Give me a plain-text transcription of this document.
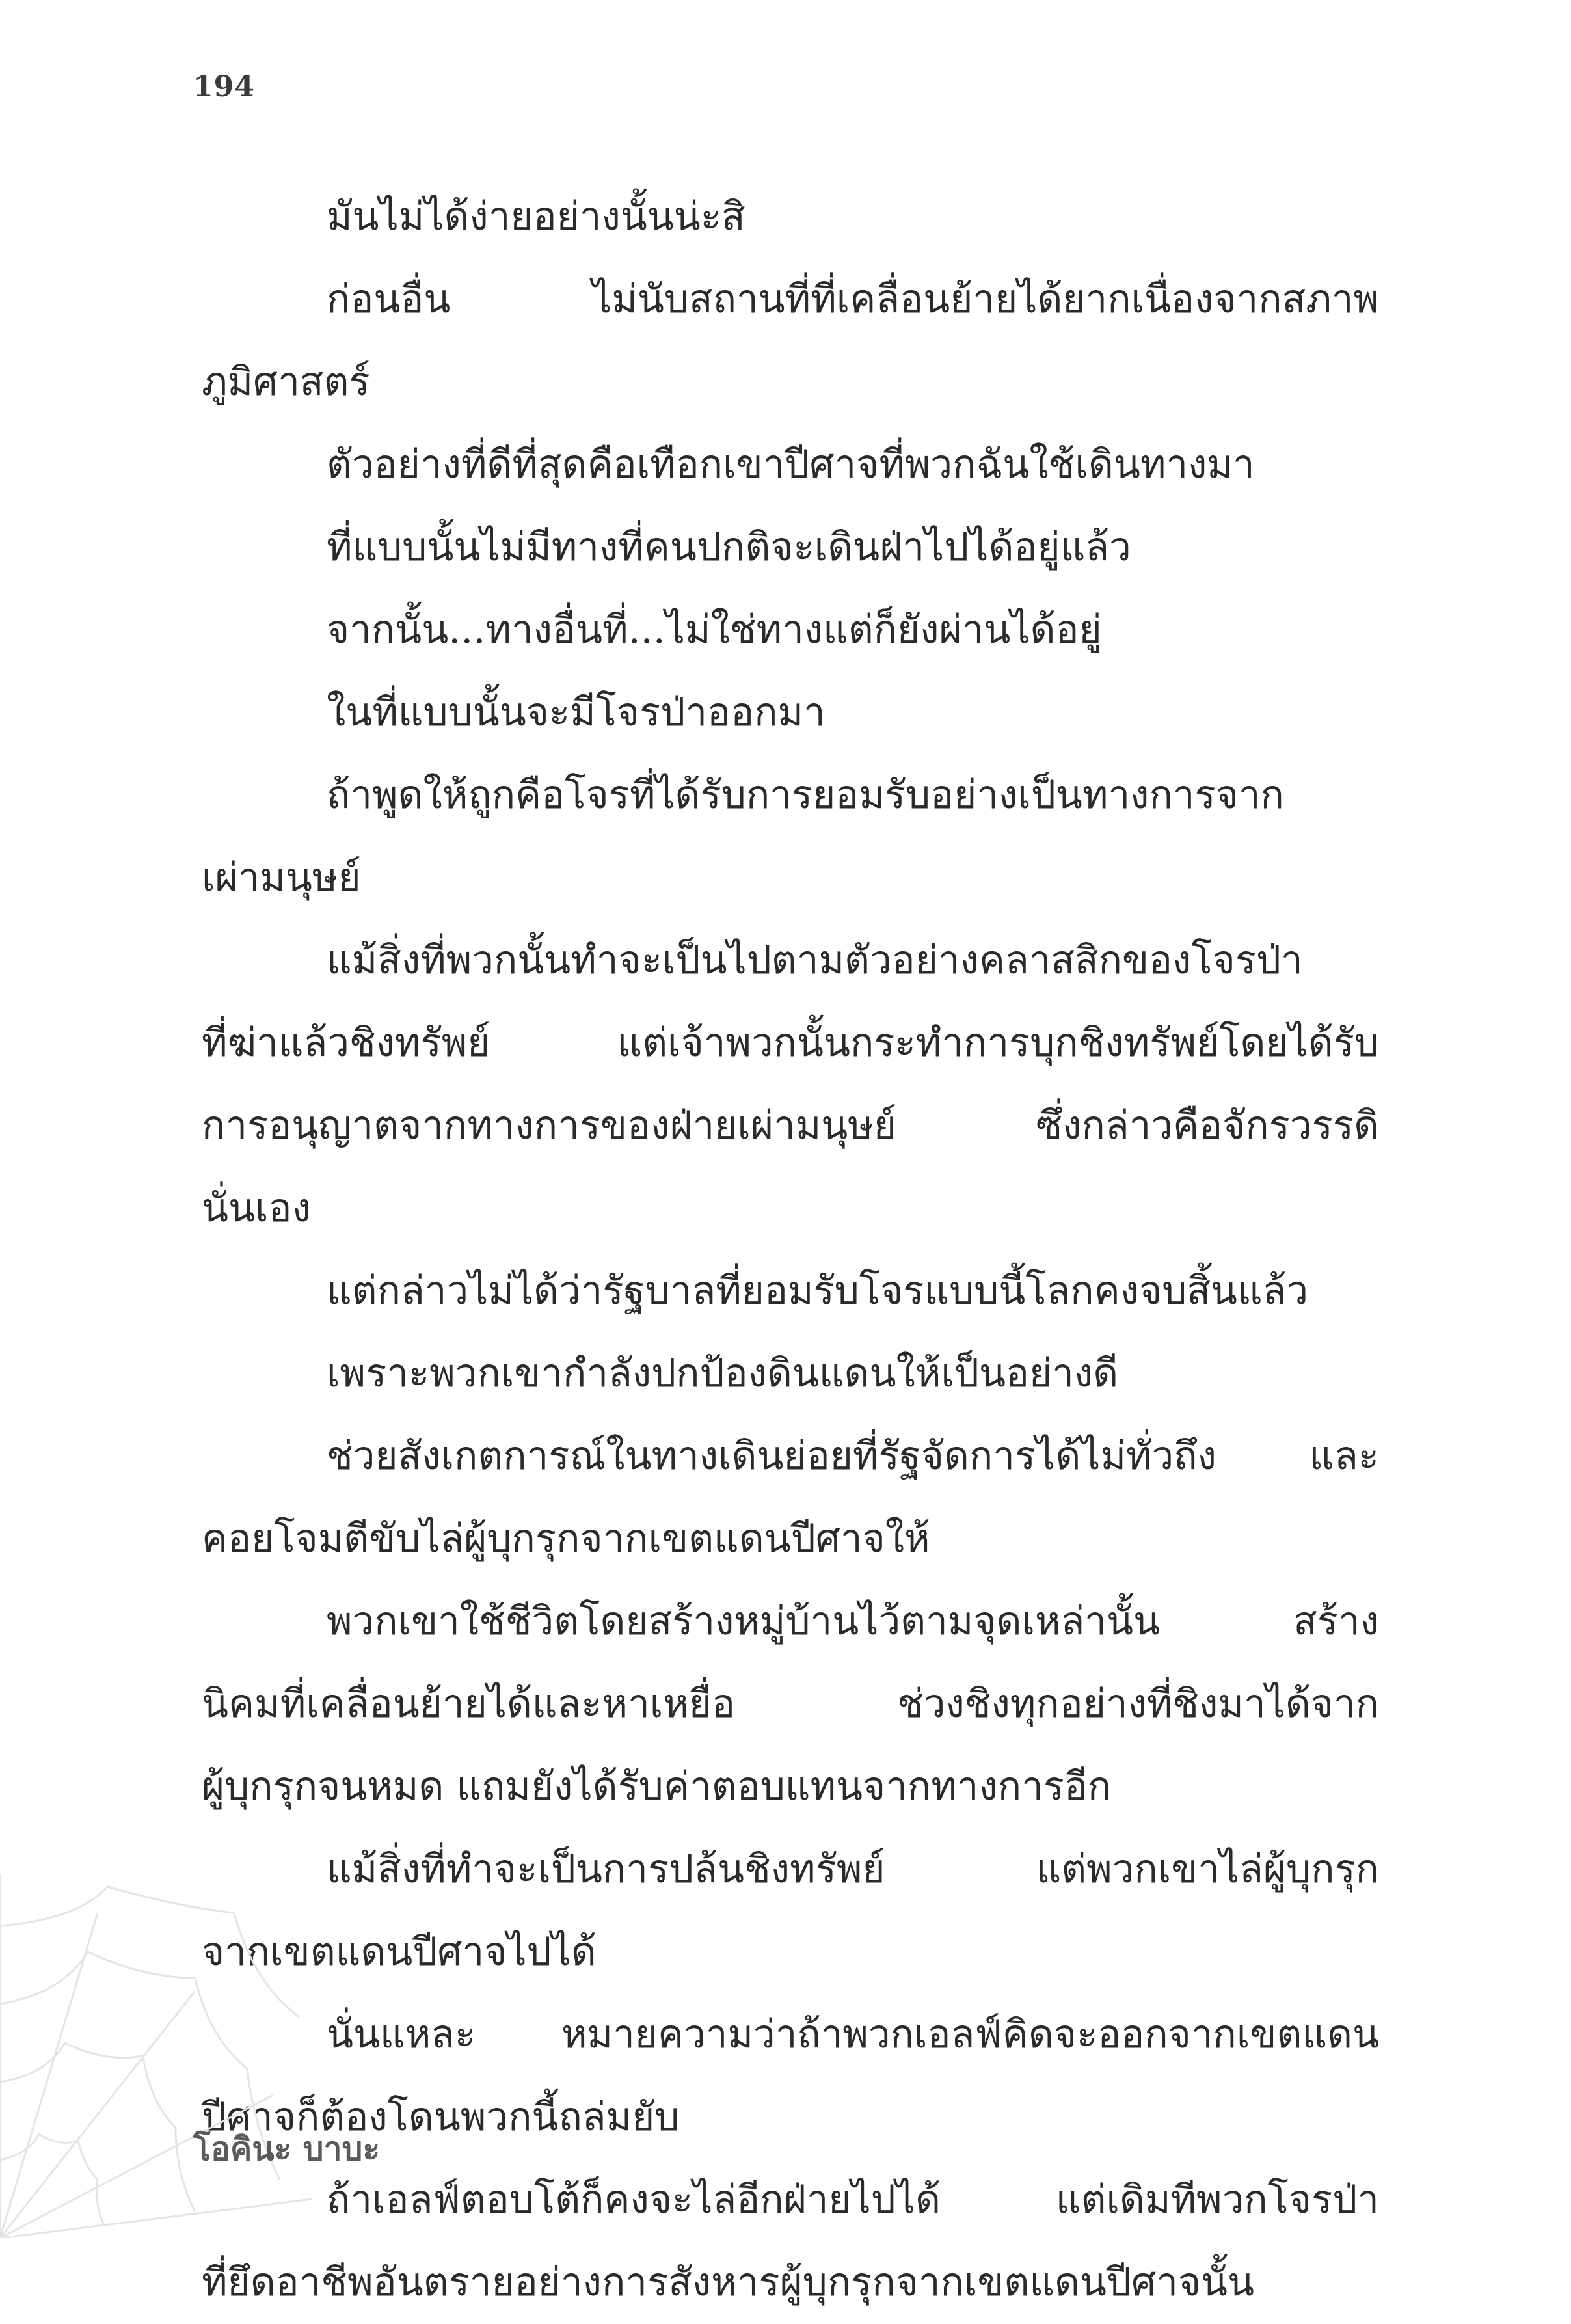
194
มันไม่ได้ง่ายอย่างนั้นน่ะสิ
ก่อนอื่น ไม่นับสถานที่ที่เคลื่อนย้ายได้ยากเนื่องจากสภาพ
ภูมิศาสตร์
ตัวอย่างที่ดีที่สุดคือเทือกเขาปีศาจที่พวกฉันใช้เดินทางมา
ที่แบบนั้นไม่มีทางที่คนปกติจะเดินฝ่าไปได้อยู่แล้ว
จากนั้น...ทางอื่นที่...ไม่ใช่ทางแต่ก็ยังผ่านได้อยู่
ในที่แบบนั้นจะมีโจรป่าออกมา
ถ้าพูดให้ถูกคือโจรที่ได้รับการยอมรับอย่างเป็นทางการจาก
เผ่ามนุษย์
แม้สิ่งที่พวกนั้นทำจะเป็นไปตามตัวอย่างคลาสสิกของโจรป่า
ที่ฆ่าแล้วชิงทรัพย์ แต่เจ้าพวกนั้นกระทำการบุกชิงทรัพย์โดยได้รับ
การอนุญาตจากทางการของฝ่ายเผ่ามนุษย์ ซึ่งกล่าวคือจักรวรรดิ
นั่นเอง
แต่กล่าวไม่ได้ว่ารัฐบาลที่ยอมรับโจรแบบนี้โลกคงจบสิ้นแล้ว
เพราะพวกเขากำลังปกป้องดินแดนให้เป็นอย่างดี
ช่วยสังเกตการณ์ในทางเดินย่อยที่รัฐจัดการได้ไม่ทั่วถึง และ
คอยโจมตีขับไล่ผู้บุกรุกจากเขตแดนปีศาจให้
พวกเขาใช้ชีวิตโดยสร้างหมู่บ้านไว้ตามจุดเหล่านั้น สร้าง
นิคมที่เคลื่อนย้ายได้และหาเหยื่อ ช่วงชิงทุกอย่างที่ชิงมาได้จาก
ผู้บุกรุกจนหมด แถมยังได้รับค่าตอบแทนจากทางการอีก
แม้สิ่งที่ทำจะเป็นการปล้นชิงทรัพย์ แต่พวกเขาไล่ผู้บุกรุก
จากเขตแดนปีศาจไปได้
นั่นแหละ หมายความว่าถ้าพวกเอลฟ์คิดจะออกจากเขตแดน
ปีศาจก็ต้องโดนพวกนี้ถล่มยับ
ถ้าเอลฟ์ตอบโต้ก็คงจะไล่อีกฝ่ายไปได้ แต่เดิมทีพวกโจรป่า
ที่ยึดอาชีพอันตรายอย่างการสังหารผู้บุกรุกจากเขตแดนปีศาจนั้น
โอคินะ บาบะ
